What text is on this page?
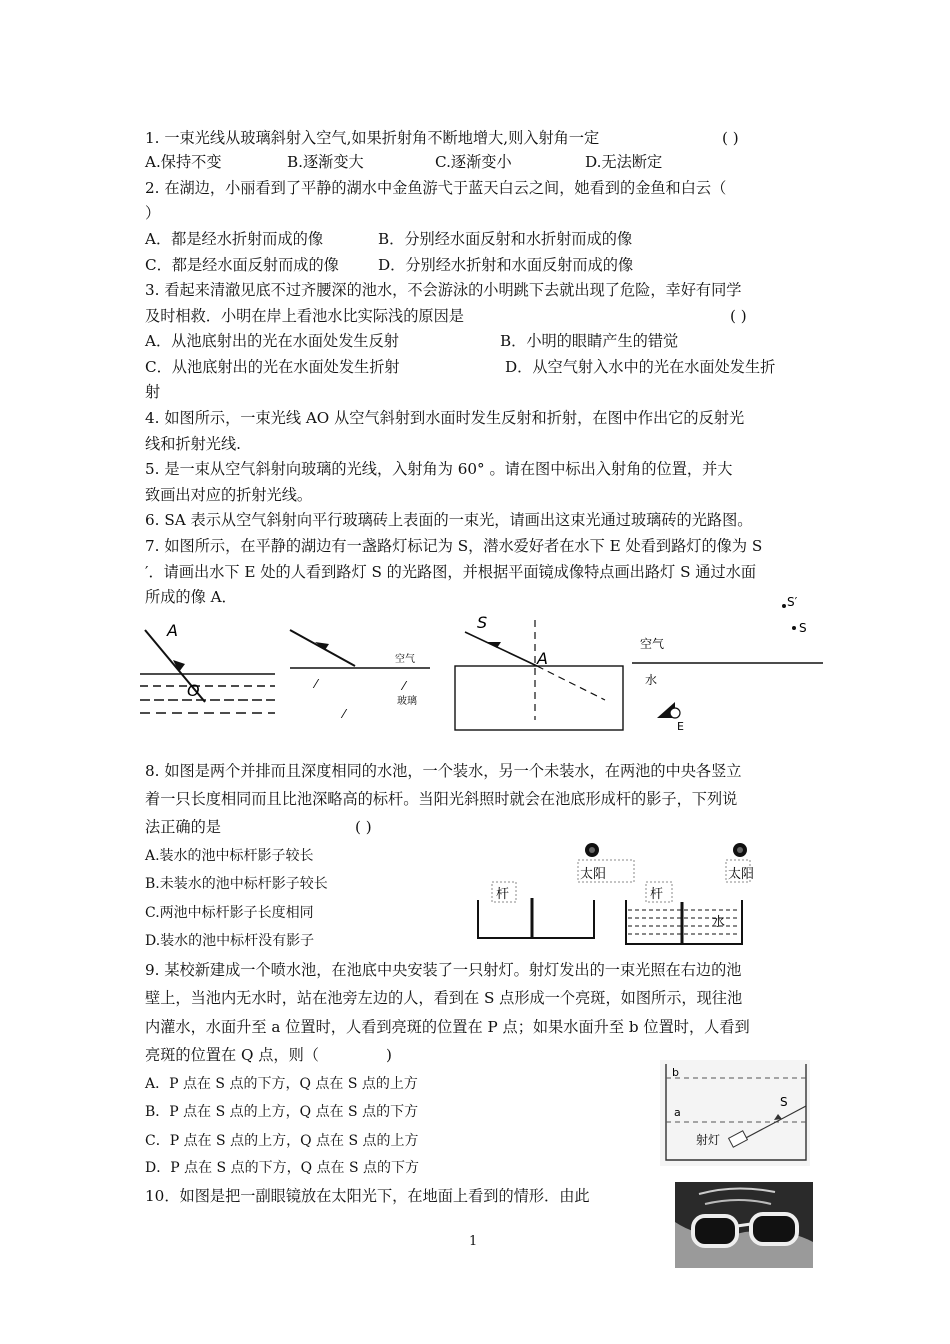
1. 一束光线从玻璃斜射入空气,如果折射角不断地增大,则入射角一定	( )
A.保持不变	B.逐渐变大	C.逐渐变小	D.无法断定
2. 在湖边，小丽看到了平静的湖水中金鱼游弋于蓝天白云之间，她看到的金鱼和白云（
）
A．都是经水折射而成的像	B．分别经水面反射和水折射而成的像
C．都是经水面反射而成的像	D．分别经水折射和水面反射而成的像
3. 看起来清澈见底不过齐腰深的池水，不会游泳的小明跳下去就出现了危险，幸好有同学
及时相救．小明在岸上看池水比实际浅的原因是	( )
A．从池底射出的光在水面处发生反射	B．小明的眼睛产生的错觉
C．从池底射出的光在水面处发生折射	D．从空气射入水中的光在水面处发生折
射
4. 如图所示，一束光线 AO 从空气斜射到水面时发生反射和折射，在图中作出它的反射光
线和折射光线.
5. 是一束从空气斜射向玻璃的光线，入射角为 60° 。请在图中标出入射角的位置，并大
致画出对应的折射光线。
6. SA 表示从空气斜射向平行玻璃砖上表面的一束光，请画出这束光通过玻璃砖的光路图。
7. 如图所示，在平静的湖边有一盏路灯标记为 S，潜水爱好者在水下 E 处看到路灯的像为 S
′．请画出水下 E 处的人看到路灯 S 的光路图，并根据平面镜成像特点画出路灯 S 通过水面
所成的像 A．
A
O
空气
玻璃
⁄	⁄
⁄
S
A
空气
水
S′
S
E
8. 如图是两个并排而且深度相同的水池，一个装水，另一个未装水，在两池的中央各竖立
着一只长度相同而且比池深略高的标杆。当阳光斜照时就会在池底形成杆的影子，下列说
法正确的是	( )
A.装水的池中标杆影子较长
B.未装水的池中标杆影子较长
C.两池中标杆影子长度相同
D.装水的池中标杆没有影子
杆
太阳
杆
水
太阳
9. 某校新建成一个喷水池，在池底中央安装了一只射灯。射灯发出的一束光照在右边的池
壁上，当池内无水时，站在池旁左边的人，看到在 S 点形成一个亮斑，如图所示，现往池
内灌水，水面升至 a 位置时，人看到亮斑的位置在 P 点；如果水面升至 b 位置时，人看到
亮斑的位置在 Q 点，则（	)
A．P 点在 S 点的下方，Q 点在 S 点的上方
B．P 点在 S 点的上方，Q 点在 S 点的下方
C．P 点在 S 点的上方，Q 点在 S 点的上方
D．P 点在 S 点的下方，Q 点在 S 点的下方
b
a
S
射灯
10．如图是把一副眼镜放在太阳光下，在地面上看到的情形．由此
1
